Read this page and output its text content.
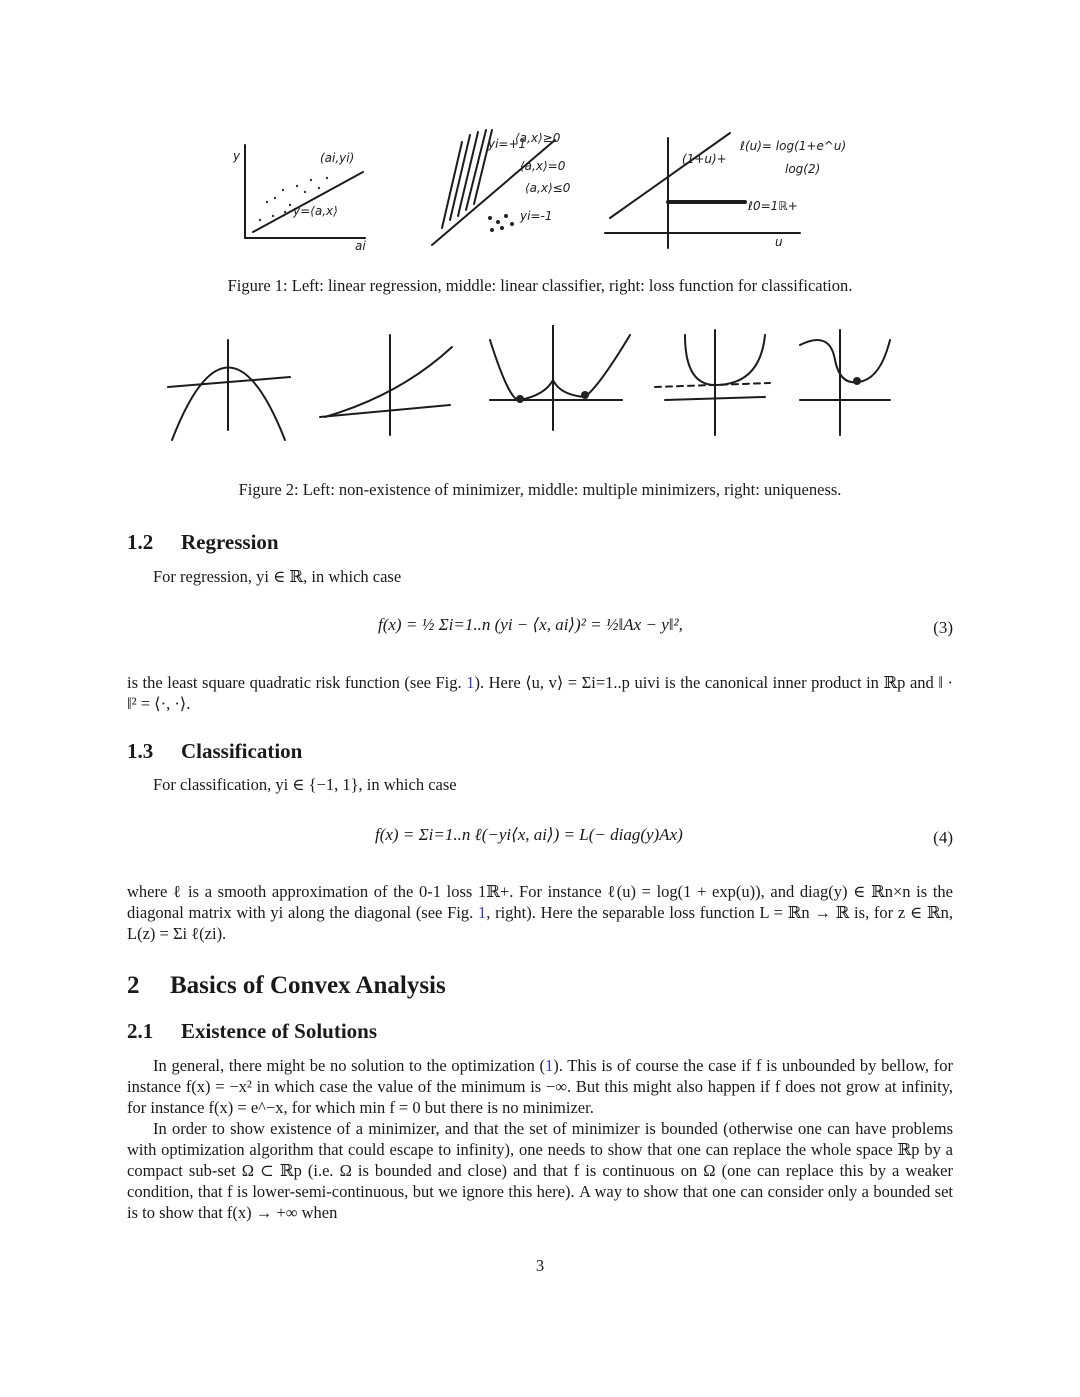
y	(ai,yi)
y=⟨a,x⟩
ai
yi=+1
⟨a,x⟩≥0
⟨a,x⟩=0
⟨a,x⟩≤0
yi=-1
(1+u)+
ℓ(u)= log(1+e^u)
log(2)
ℓ0=1ℝ+
u
Figure 1: Left: linear regression, middle: linear classifier, right: loss function for classification.
Figure 2: Left: non-existence of minimizer, middle: multiple minimizers, right: uniqueness.
1.2 Regression
For regression, yi ∈ ℝ, in which case
f(x) = ½ Σi=1..n (yi − ⟨x, ai⟩)² = ½‖Ax − y‖²,	(3)
is the least square quadratic risk function (see Fig. 1). Here ⟨u, v⟩ = Σi=1..p uivi is the canonical inner product in ℝp and ‖ · ‖² = ⟨·, ·⟩.
1.3 Classification
For classification, yi ∈ {−1, 1}, in which case
f(x) = Σi=1..n ℓ(−yi⟨x, ai⟩) = L(− diag(y)Ax)	(4)
where ℓ is a smooth approximation of the 0-1 loss 1ℝ+. For instance ℓ(u) = log(1 + exp(u)), and diag(y) ∈ ℝn×n is the diagonal matrix with yi along the diagonal (see Fig. 1, right). Here the separable loss function L = ℝn → ℝ is, for z ∈ ℝn, L(z) = Σi ℓ(zi).
2 Basics of Convex Analysis
2.1 Existence of Solutions
In general, there might be no solution to the optimization (1). This is of course the case if f is unbounded by bellow, for instance f(x) = −x² in which case the value of the minimum is −∞. But this might also happen if f does not grow at infinity, for instance f(x) = e^−x, for which min f = 0 but there is no minimizer.
In order to show existence of a minimizer, and that the set of minimizer is bounded (otherwise one can have problems with optimization algorithm that could escape to infinity), one needs to show that one can replace the whole space ℝp by a compact sub-set Ω ⊂ ℝp (i.e. Ω is bounded and close) and that f is continuous on Ω (one can replace this by a weaker condition, that f is lower-semi-continuous, but we ignore this here). A way to show that one can consider only a bounded set is to show that f(x) → +∞ when
3
